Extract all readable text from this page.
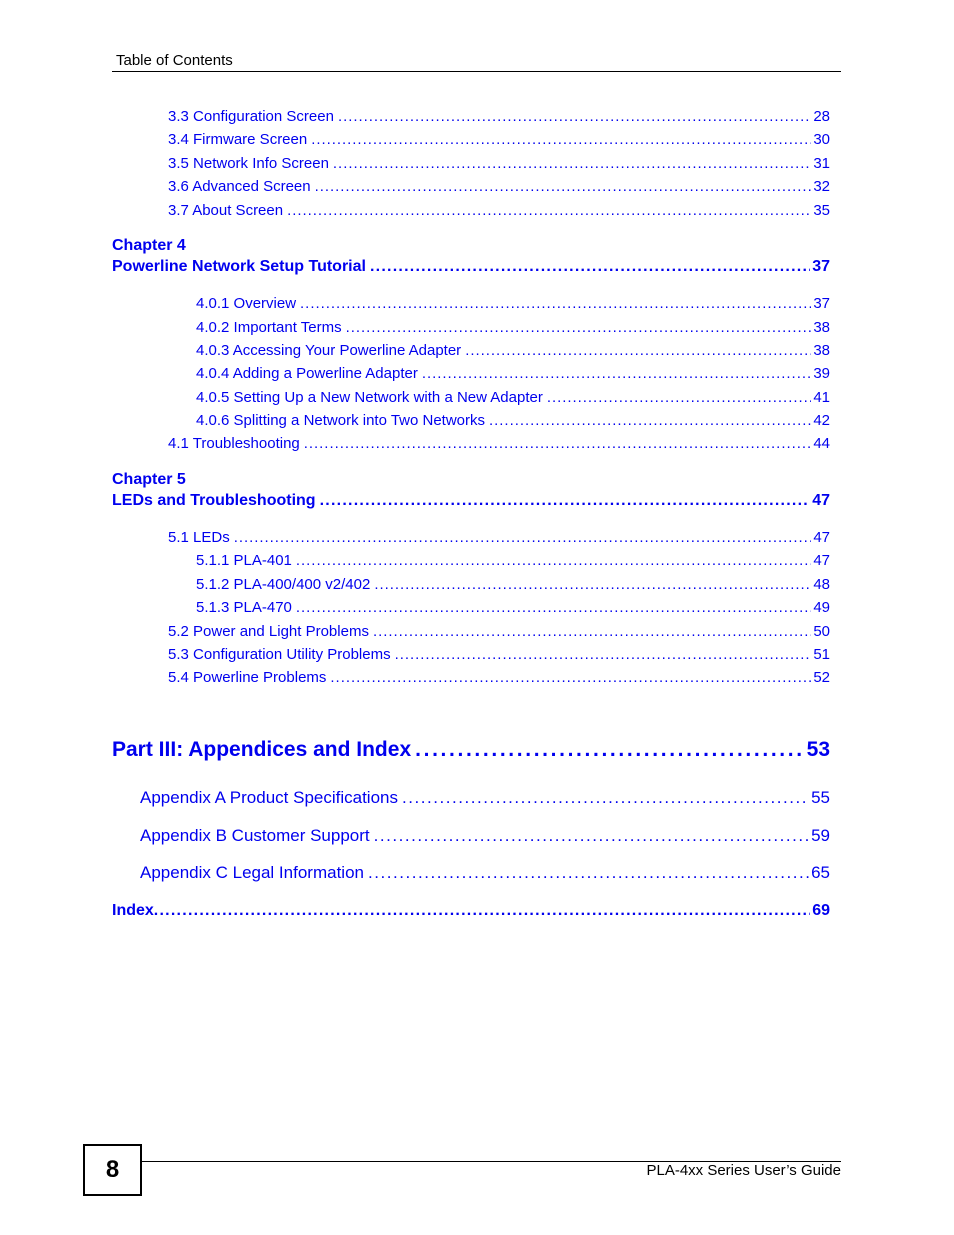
Table of Contents
3.3 Configuration Screen . . .	28
3.4 Firmware Screen . . .	30
3.5 Network Info Screen . . .	31
3.6 Advanced Screen . . .	32
3.7 About Screen . . .	35
Chapter 4
Powerline Network Setup Tutorial . . .	37
4.0.1 Overview . . .	37
4.0.2 Important Terms . . .	38
4.0.3 Accessing Your Powerline Adapter . . .	38
4.0.4 Adding a Powerline Adapter . . .	39
4.0.5 Setting Up a New Network with a New Adapter . . .	41
4.0.6 Splitting a Network into Two Networks . . .	42
4.1 Troubleshooting . . .	44
Chapter 5
LEDs and Troubleshooting . . .	47
5.1 LEDs . . .	47
5.1.1 PLA-401 . . .	47
5.1.2 PLA-400/400 v2/402 . . .	48
5.1.3 PLA-470 . . .	49
5.2 Power and Light Problems . . .	50
5.3 Configuration Utility Problems . . .	51
5.4 Powerline Problems . . .	52
Part III: Appendices and Index . . .	53
Appendix A Product Specifications . . .	55
Appendix B Customer Support . . .	59
Appendix C Legal Information . . .	65
Index . . .	69
8	PLA-4xx Series User’s Guide
